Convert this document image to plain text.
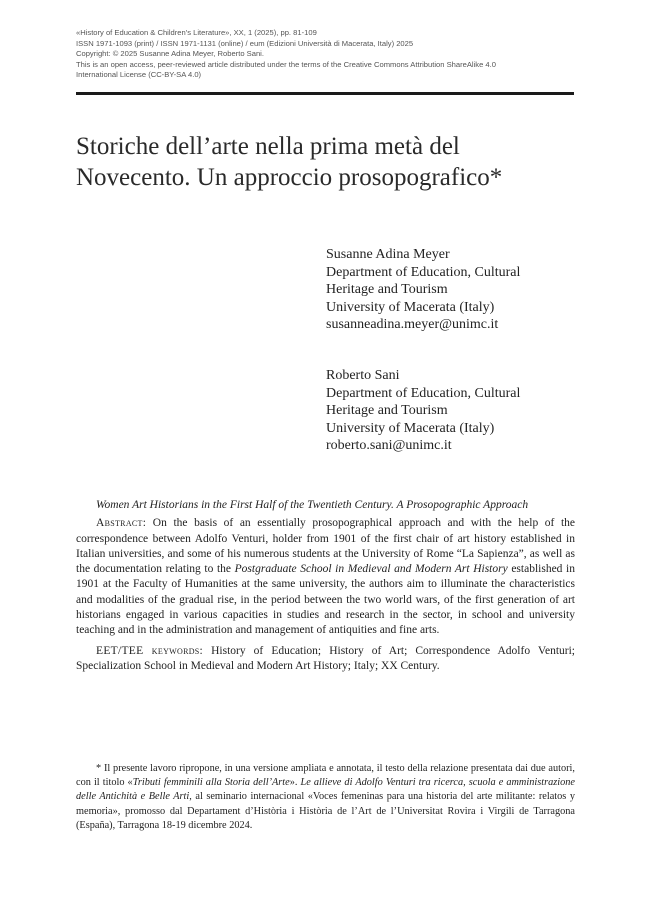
«History of Education & Children's Literature», XX, 1 (2025), pp. 81-109
ISSN 1971-1093 (print) / ISSN 1971-1131 (online) / eum (Edizioni Università di Macerata, Italy) 2025
Copyright: © 2025 Susanne Adina Meyer, Roberto Sani.
This is an open access, peer-reviewed article distributed under the terms of the Creative Commons Attribution ShareAlike 4.0
International License (CC-BY-SA 4.0)
Storiche dell’arte nella prima metà del
Novecento. Un approccio prosopografico*
Susanne Adina Meyer
Department of Education, Cultural
Heritage and Tourism
University of Macerata (Italy)
susanneadina.meyer@unimc.it
Roberto Sani
Department of Education, Cultural
Heritage and Tourism
University of Macerata (Italy)
roberto.sani@unimc.it

Women Art Historians in the First Half of the Twentieth Century. A Prosopographic Approach

Abstract: On the basis of an essentially prosopographical approach and with the help of the correspondence between Adolfo Venturi, holder from 1901 of the first chair of art history established in Italian universities, and some of his numerous students at the University of Rome “La Sapienza”, as well as the documentation relating to the Postgraduate School in Medieval and Modern Art History established in 1901 at the Faculty of Humanities at the same university, the authors aim to illuminate the characteristics and modalities of the gradual rise, in the period between the two world wars, of the first generation of art historians engaged in various capacities in studies and research in the sector, in school and university teaching and in the administration and management of antiquities and fine arts.

EET/TEE keywords: History of Education; History of Art; Correspondence Adolfo Venturi; Specialization School in Medieval and Modern Art History; Italy; XX Century.

* Il presente lavoro ripropone, in una versione ampliata e annotata, il testo della relazione presentata dai due autori, con il titolo «Tributi femminili alla Storia dell’Arte». Le allieve di Adolfo Venturi tra ricerca, scuola e amministrazione delle Antichità e Belle Arti, al seminario internacional «Voces femeninas para una historia del arte militante: relatos y memoria», promosso dal Departament d’Història i Història de l’Art de l’Universitat Rovira i Virgili de Tarragona (España), Tarragona 18-19 dicembre 2024.
